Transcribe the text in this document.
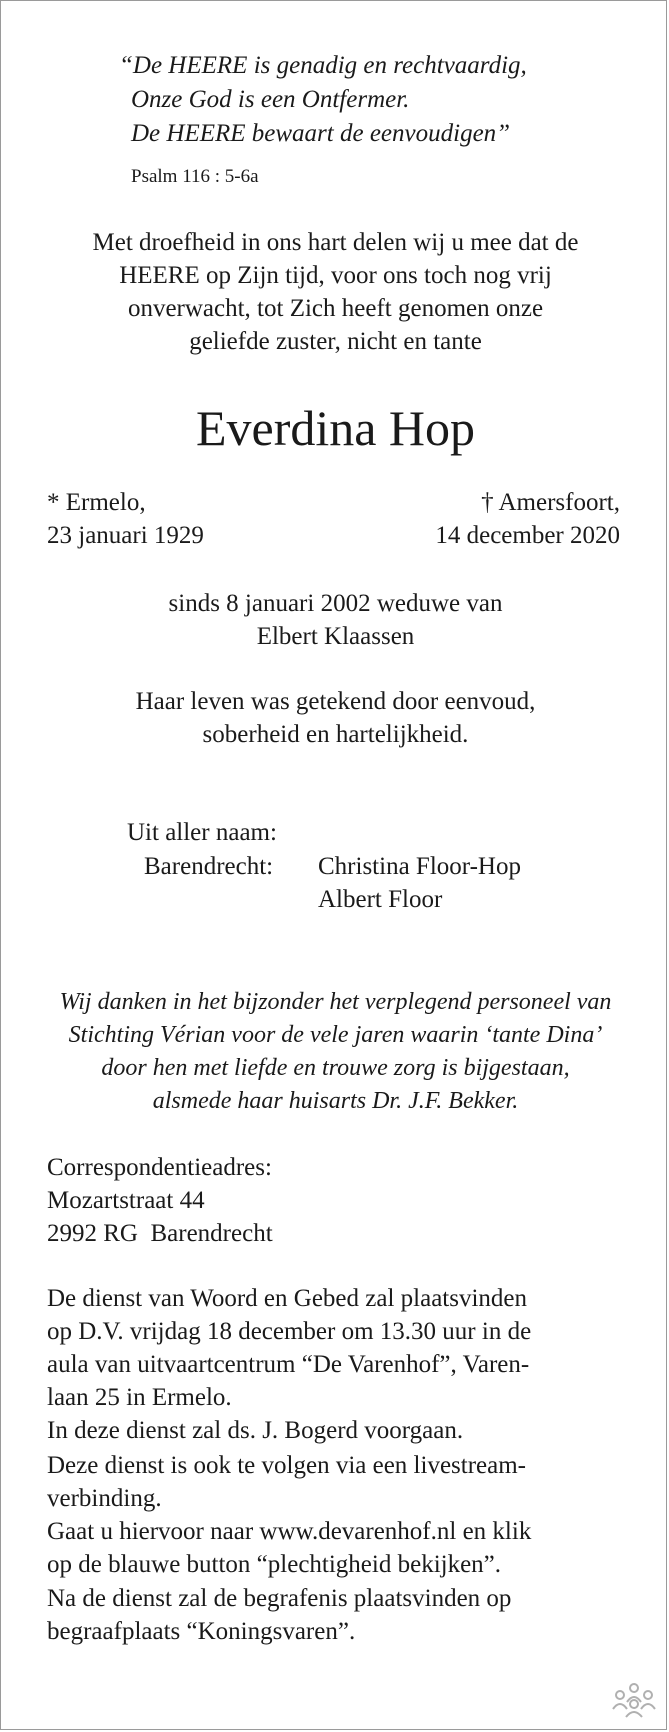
“De HEERE is genadig en rechtvaardig,
Onze God is een Ontfermer.
De HEERE bewaart de eenvoudigen”
Psalm 116 : 5-6a
Met droefheid in ons hart delen wij u mee dat de
HEERE op Zijn tijd, voor ons toch nog vrij
onverwacht, tot Zich heeft genomen onze
geliefde zuster, nicht en tante
Everdina Hop
* Ermelo,
23 januari 1929
† Amersfoort,
14 december 2020
sinds 8 januari 2002 weduwe van
Elbert Klaassen
Haar leven was getekend door eenvoud,
soberheid en hartelijkheid.
Uit aller naam:
Barendrecht: Christina Floor-Hop
Albert Floor
Wij danken in het bijzonder het verplegend personeel van
Stichting Vérian voor de vele jaren waarin ‘tante Dina’
door hen met liefde en trouwe zorg is bijgestaan,
alsmede haar huisarts Dr. J.F. Bekker.
Correspondentieadres:
Mozartstraat 44
2992 RG  Barendrecht
De dienst van Woord en Gebed zal plaatsvinden
op D.V. vrijdag 18 december om 13.30 uur in de
aula van uitvaartcentrum “De Varenhof”, Varen-
laan 25 in Ermelo.
In deze dienst zal ds. J. Bogerd voorgaan.
Deze dienst is ook te volgen via een livestream-
verbinding.
Gaat u hiervoor naar www.devarenhof.nl en klik
op de blauwe button “plechtigheid bekijken”.
Na de dienst zal de begrafenis plaatsvinden op
begraafplaats “Koningsvaren”.
